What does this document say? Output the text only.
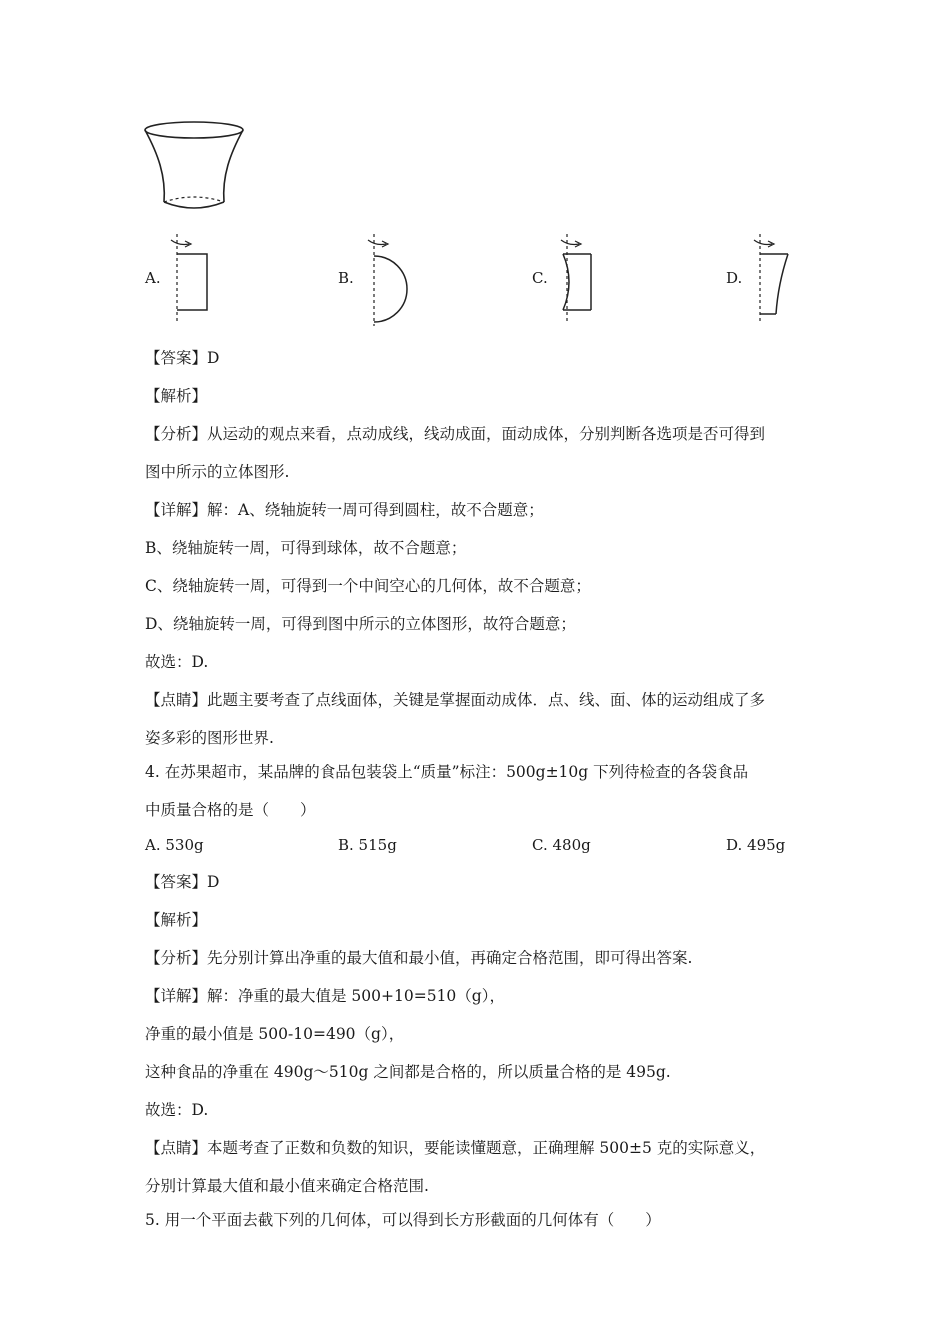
A.	B.	C.	D.
【答案】D
【解析】
【分析】从运动的观点来看，点动成线，线动成面，面动成体，分别判断各选项是否可得到
图中所示的立体图形.
【详解】解：A、绕轴旋转一周可得到圆柱，故不合题意；
B、绕轴旋转一周，可得到球体，故不合题意；
C、绕轴旋转一周，可得到一个中间空心的几何体，故不合题意；
D、绕轴旋转一周，可得到图中所示的立体图形，故符合题意；
故选：D.
【点睛】此题主要考查了点线面体，关键是掌握面动成体．点、线、面、体的运动组成了多
姿多彩的图形世界.
4. 在苏果超市，某品牌的食品包装袋上“质量”标注：500g±10g 下列待检查的各袋食品
中质量合格的是（　　）
A. 530g	B. 515g	C. 480g	D. 495g
【答案】D
【解析】
【分析】先分别计算出净重的最大值和最小值，再确定合格范围，即可得出答案.
【详解】解：净重的最大值是 500+10=510（g），
净重的最小值是 500-10=490（g），
这种食品的净重在 490g～510g 之间都是合格的，所以质量合格的是 495g.
故选：D.
【点睛】本题考查了正数和负数的知识，要能读懂题意，正确理解 500±5 克的实际意义，
分别计算最大值和最小值来确定合格范围.
5. 用一个平面去截下列的几何体，可以得到长方形截面的几何体有（　　）
